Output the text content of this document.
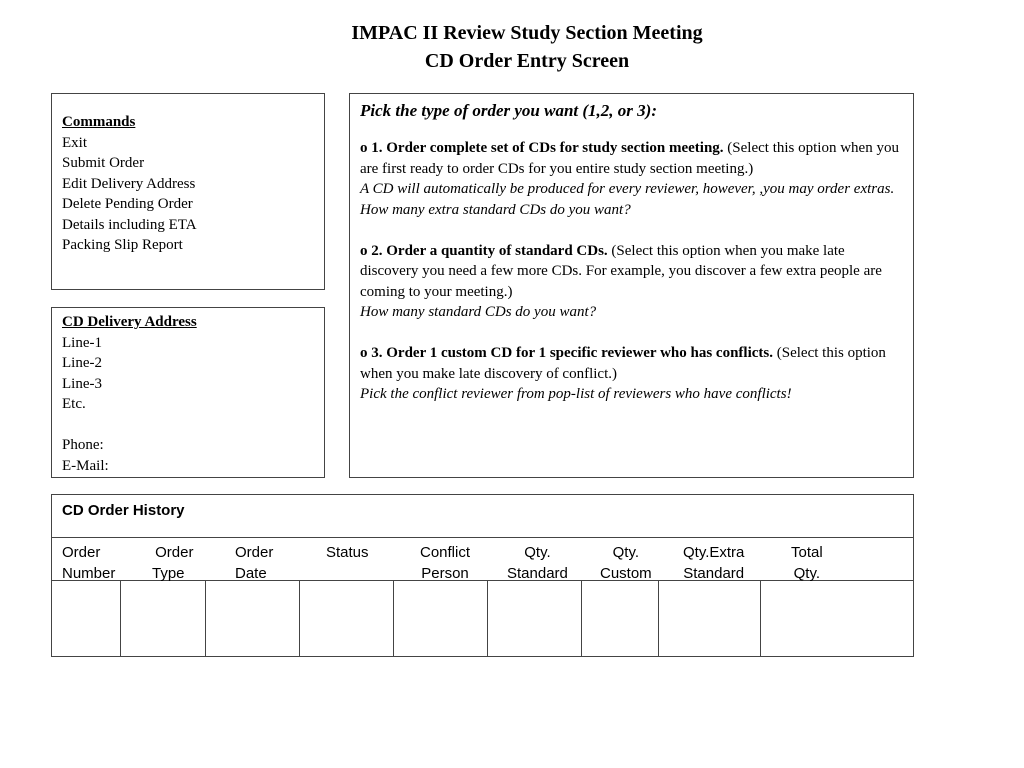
IMPAC II Review Study Section Meeting
CD Order Entry Screen
Commands
Exit
Submit Order
Edit Delivery Address
Delete Pending Order
Details including ETA
Packing Slip Report
CD Delivery Address
Line-1
Line-2
Line-3
Etc.
Phone:
E-Mail:
Pick the type of order you want (1,2, or 3):
o 1. Order complete set of CDs for study section meeting. (Select this option when you are first ready to order CDs for you entire study section meeting.)
A CD will automatically be produced for every reviewer, however, ,you may order extras. How many extra standard CDs do you want?
o 2. Order a quantity of standard CDs. (Select this option when you make late discovery you need a few more CDs. For example, you discover a few extra people are coming to your meeting.)
How many standard CDs do you want?
o 3. Order 1 custom CD for 1 specific reviewer who has conflicts. (Select this option when you make late discovery of conflict.)
Pick the conflict reviewer from pop-list of reviewers who have conflicts!
CD Order History
Order
Number
Order
Type
Order
Date
Status	Conflict
Person
Qty.
Standard
Qty.
Custom
Qty.Extra
Standard
Total
Qty.
